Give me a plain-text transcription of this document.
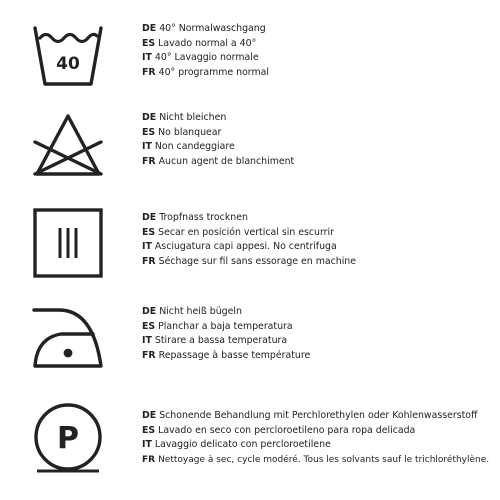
40
DE 40° Normalwaschgang
ES Lavado normal a 40°
IT 40° Lavaggio normale
FR 40° programme normal
DE Nicht bleichen
ES No blanquear
IT Non candeggiare
FR Aucun agent de blanchiment
DE Tropfnass trocknen
ES Secar en posición vertical sin escurrir
IT Asciugatura capi appesi. No centrifuga
FR Séchage sur fil sans essorage en machine
DE Nicht heiß bügeln
ES Planchar a baja temperatura
IT Stirare a bassa temperatura
FR Repassage à basse température
P
DE Schonende Behandlung mit Perchlorethylen oder Kohlenwasserstoff
ES Lavado en seco con percloroetileno para ropa delicada
IT Lavaggio delicato con percloroetilene
FR Nettoyage à sec, cycle modéré. Tous les solvants sauf le trichloréthylène.
